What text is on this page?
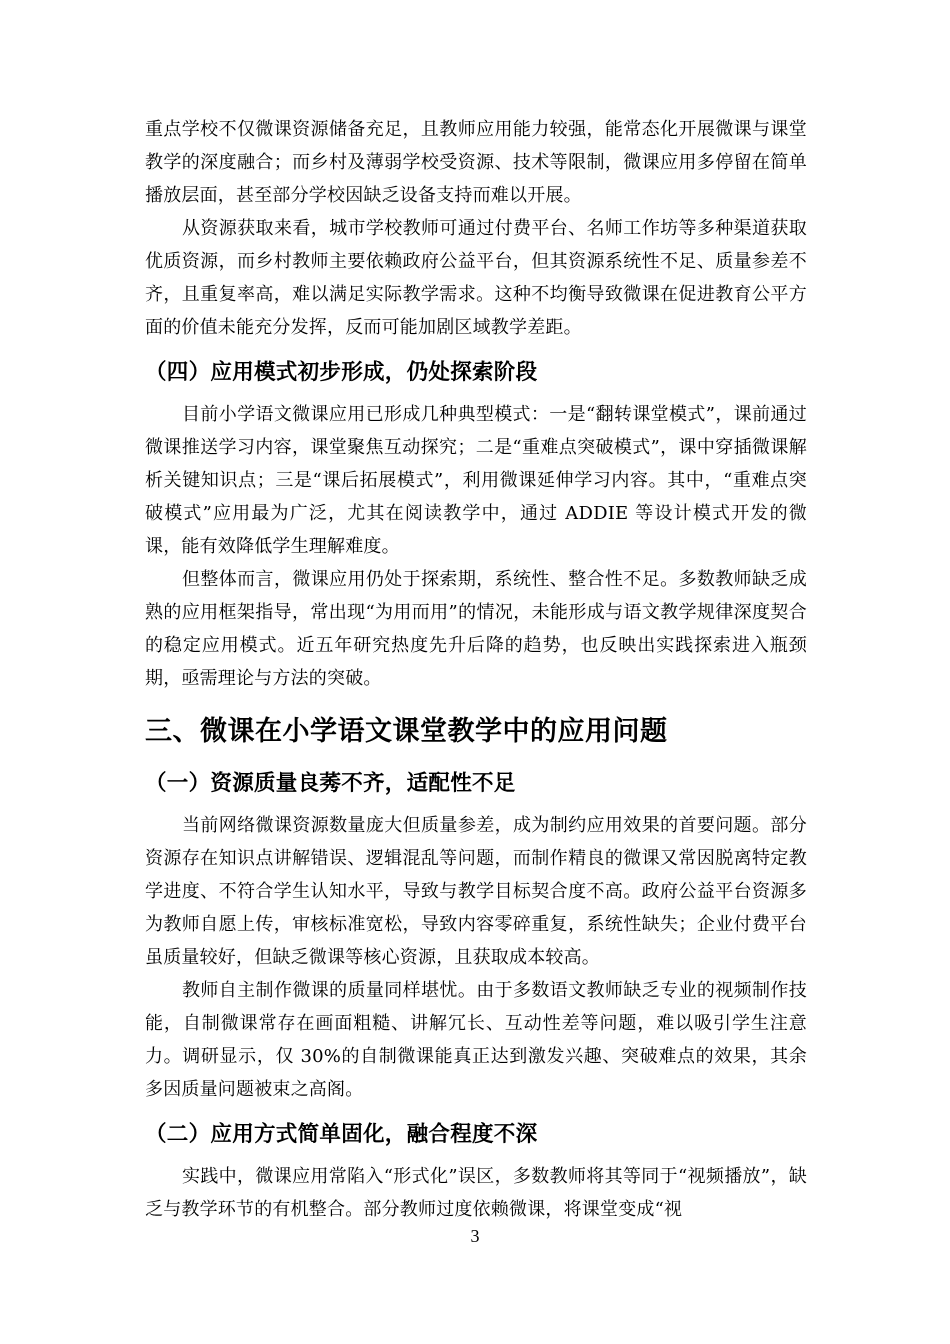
重点学校不仅微课资源储备充足，且教师应用能力较强，能常态化开展微课与课堂教学的深度融合；而乡村及薄弱学校受资源、技术等限制，微课应用多停留在简单播放层面，甚至部分学校因缺乏设备支持而难以开展。

从资源获取来看，城市学校教师可通过付费平台、名师工作坊等多种渠道获取优质资源，而乡村教师主要依赖政府公益平台，但其资源系统性不足、质量参差不齐，且重复率高，难以满足实际教学需求。这种不均衡导致微课在促进教育公平方面的价值未能充分发挥，反而可能加剧区域教学差距。

（四）应用模式初步形成，仍处探索阶段

目前小学语文微课应用已形成几种典型模式：一是“翻转课堂模式”，课前通过微课推送学习内容，课堂聚焦互动探究；二是“重难点突破模式”，课中穿插微课解析关键知识点；三是“课后拓展模式”，利用微课延伸学习内容。其中，“重难点突破模式”应用最为广泛，尤其在阅读教学中，通过 ADDIE 等设计模式开发的微课，能有效降低学生理解难度。

但整体而言，微课应用仍处于探索期，系统性、整合性不足。多数教师缺乏成熟的应用框架指导，常出现“为用而用”的情况，未能形成与语文教学规律深度契合的稳定应用模式。近五年研究热度先升后降的趋势，也反映出实践探索进入瓶颈期，亟需理论与方法的突破。

三、微课在小学语文课堂教学中的应用问题
（一）资源质量良莠不齐，适配性不足

当前网络微课资源数量庞大但质量参差，成为制约应用效果的首要问题。部分资源存在知识点讲解错误、逻辑混乱等问题，而制作精良的微课又常因脱离特定教学进度、不符合学生认知水平，导致与教学目标契合度不高。政府公益平台资源多为教师自愿上传，审核标准宽松，导致内容零碎重复，系统性缺失；企业付费平台虽质量较好，但缺乏微课等核心资源，且获取成本较高。

教师自主制作微课的质量同样堪忧。由于多数语文教师缺乏专业的视频制作技能，自制微课常存在画面粗糙、讲解冗长、互动性差等问题，难以吸引学生注意力。调研显示，仅 30%的自制微课能真正达到激发兴趣、突破难点的效果，其余多因质量问题被束之高阁。

（二）应用方式简单固化，融合程度不深

实践中，微课应用常陷入“形式化”误区，多数教师将其等同于“视频播放”，缺乏与教学环节的有机整合。部分教师过度依赖微课，将课堂变成“视

3
